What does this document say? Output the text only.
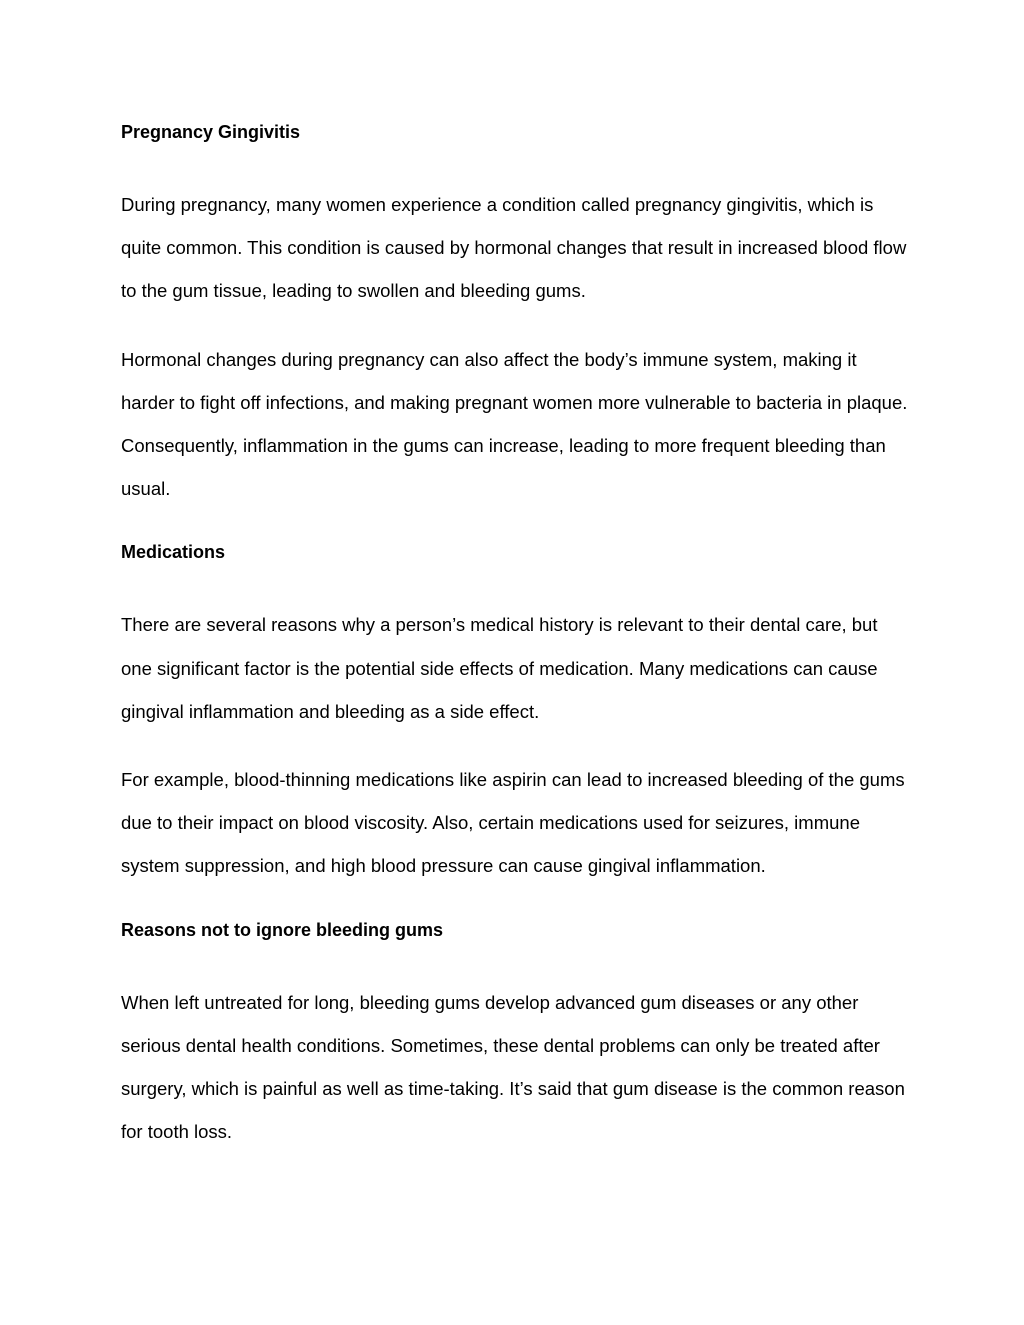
Pregnancy Gingivitis

During pregnancy, many women experience a condition called pregnancy gingivitis, which is quite common. This condition is caused by hormonal changes that result in increased blood flow to the gum tissue, leading to swollen and bleeding gums.

Hormonal changes during pregnancy can also affect the body’s immune system, making it harder to fight off infections, and making pregnant women more vulnerable to bacteria in plaque. Consequently, inflammation in the gums can increase, leading to more frequent bleeding than usual.

Medications

There are several reasons why a person’s medical history is relevant to their dental care, but one significant factor is the potential side effects of medication. Many medications can cause gingival inflammation and bleeding as a side effect.

For example, blood-thinning medications like aspirin can lead to increased bleeding of the gums due to their impact on blood viscosity. Also, certain medications used for seizures, immune system suppression, and high blood pressure can cause gingival inflammation.

Reasons not to ignore bleeding gums

When left untreated for long, bleeding gums develop advanced gum diseases or any other serious dental health conditions. Sometimes, these dental problems can only be treated after surgery, which is painful as well as time-taking. It’s said that gum disease is the common reason for tooth loss.
